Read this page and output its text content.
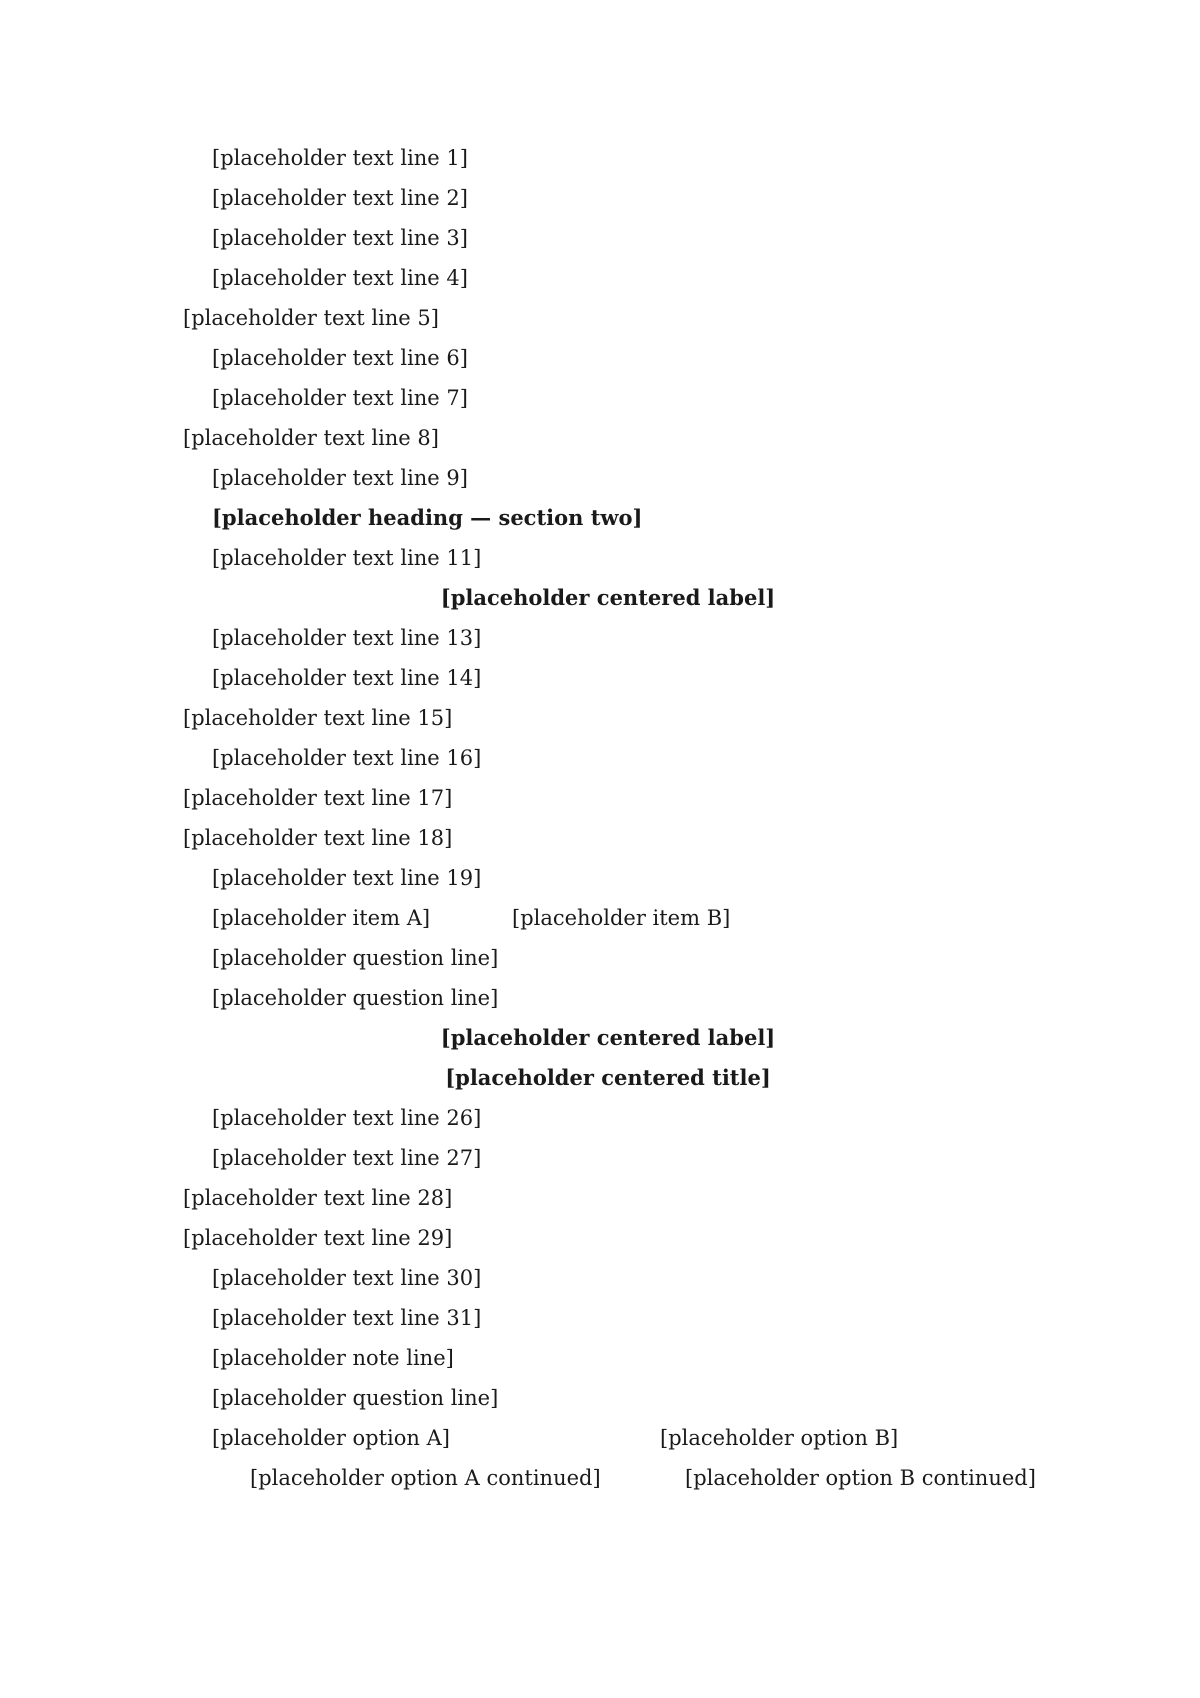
[placeholder text line 1]
[placeholder text line 2]
[placeholder text line 3]
[placeholder text line 4]
[placeholder text line 5]
[placeholder text line 6]
[placeholder text line 7]
[placeholder text line 8]
[placeholder text line 9]
[placeholder heading — section two]
[placeholder text line 11]
[placeholder centered label]
[placeholder text line 13]
[placeholder text line 14]
[placeholder text line 15]
[placeholder text line 16]
[placeholder text line 17]
[placeholder text line 18]
[placeholder text line 19]
[placeholder item A]	[placeholder item B]
[placeholder question line]
[placeholder question line]
[placeholder centered label]
[placeholder centered title]
[placeholder text line 26]
[placeholder text line 27]
[placeholder text line 28]
[placeholder text line 29]
[placeholder text line 30]
[placeholder text line 31]
[placeholder note line]
[placeholder question line]
[placeholder option A]	[placeholder option B]
[placeholder option A continued]	[placeholder option B continued]
